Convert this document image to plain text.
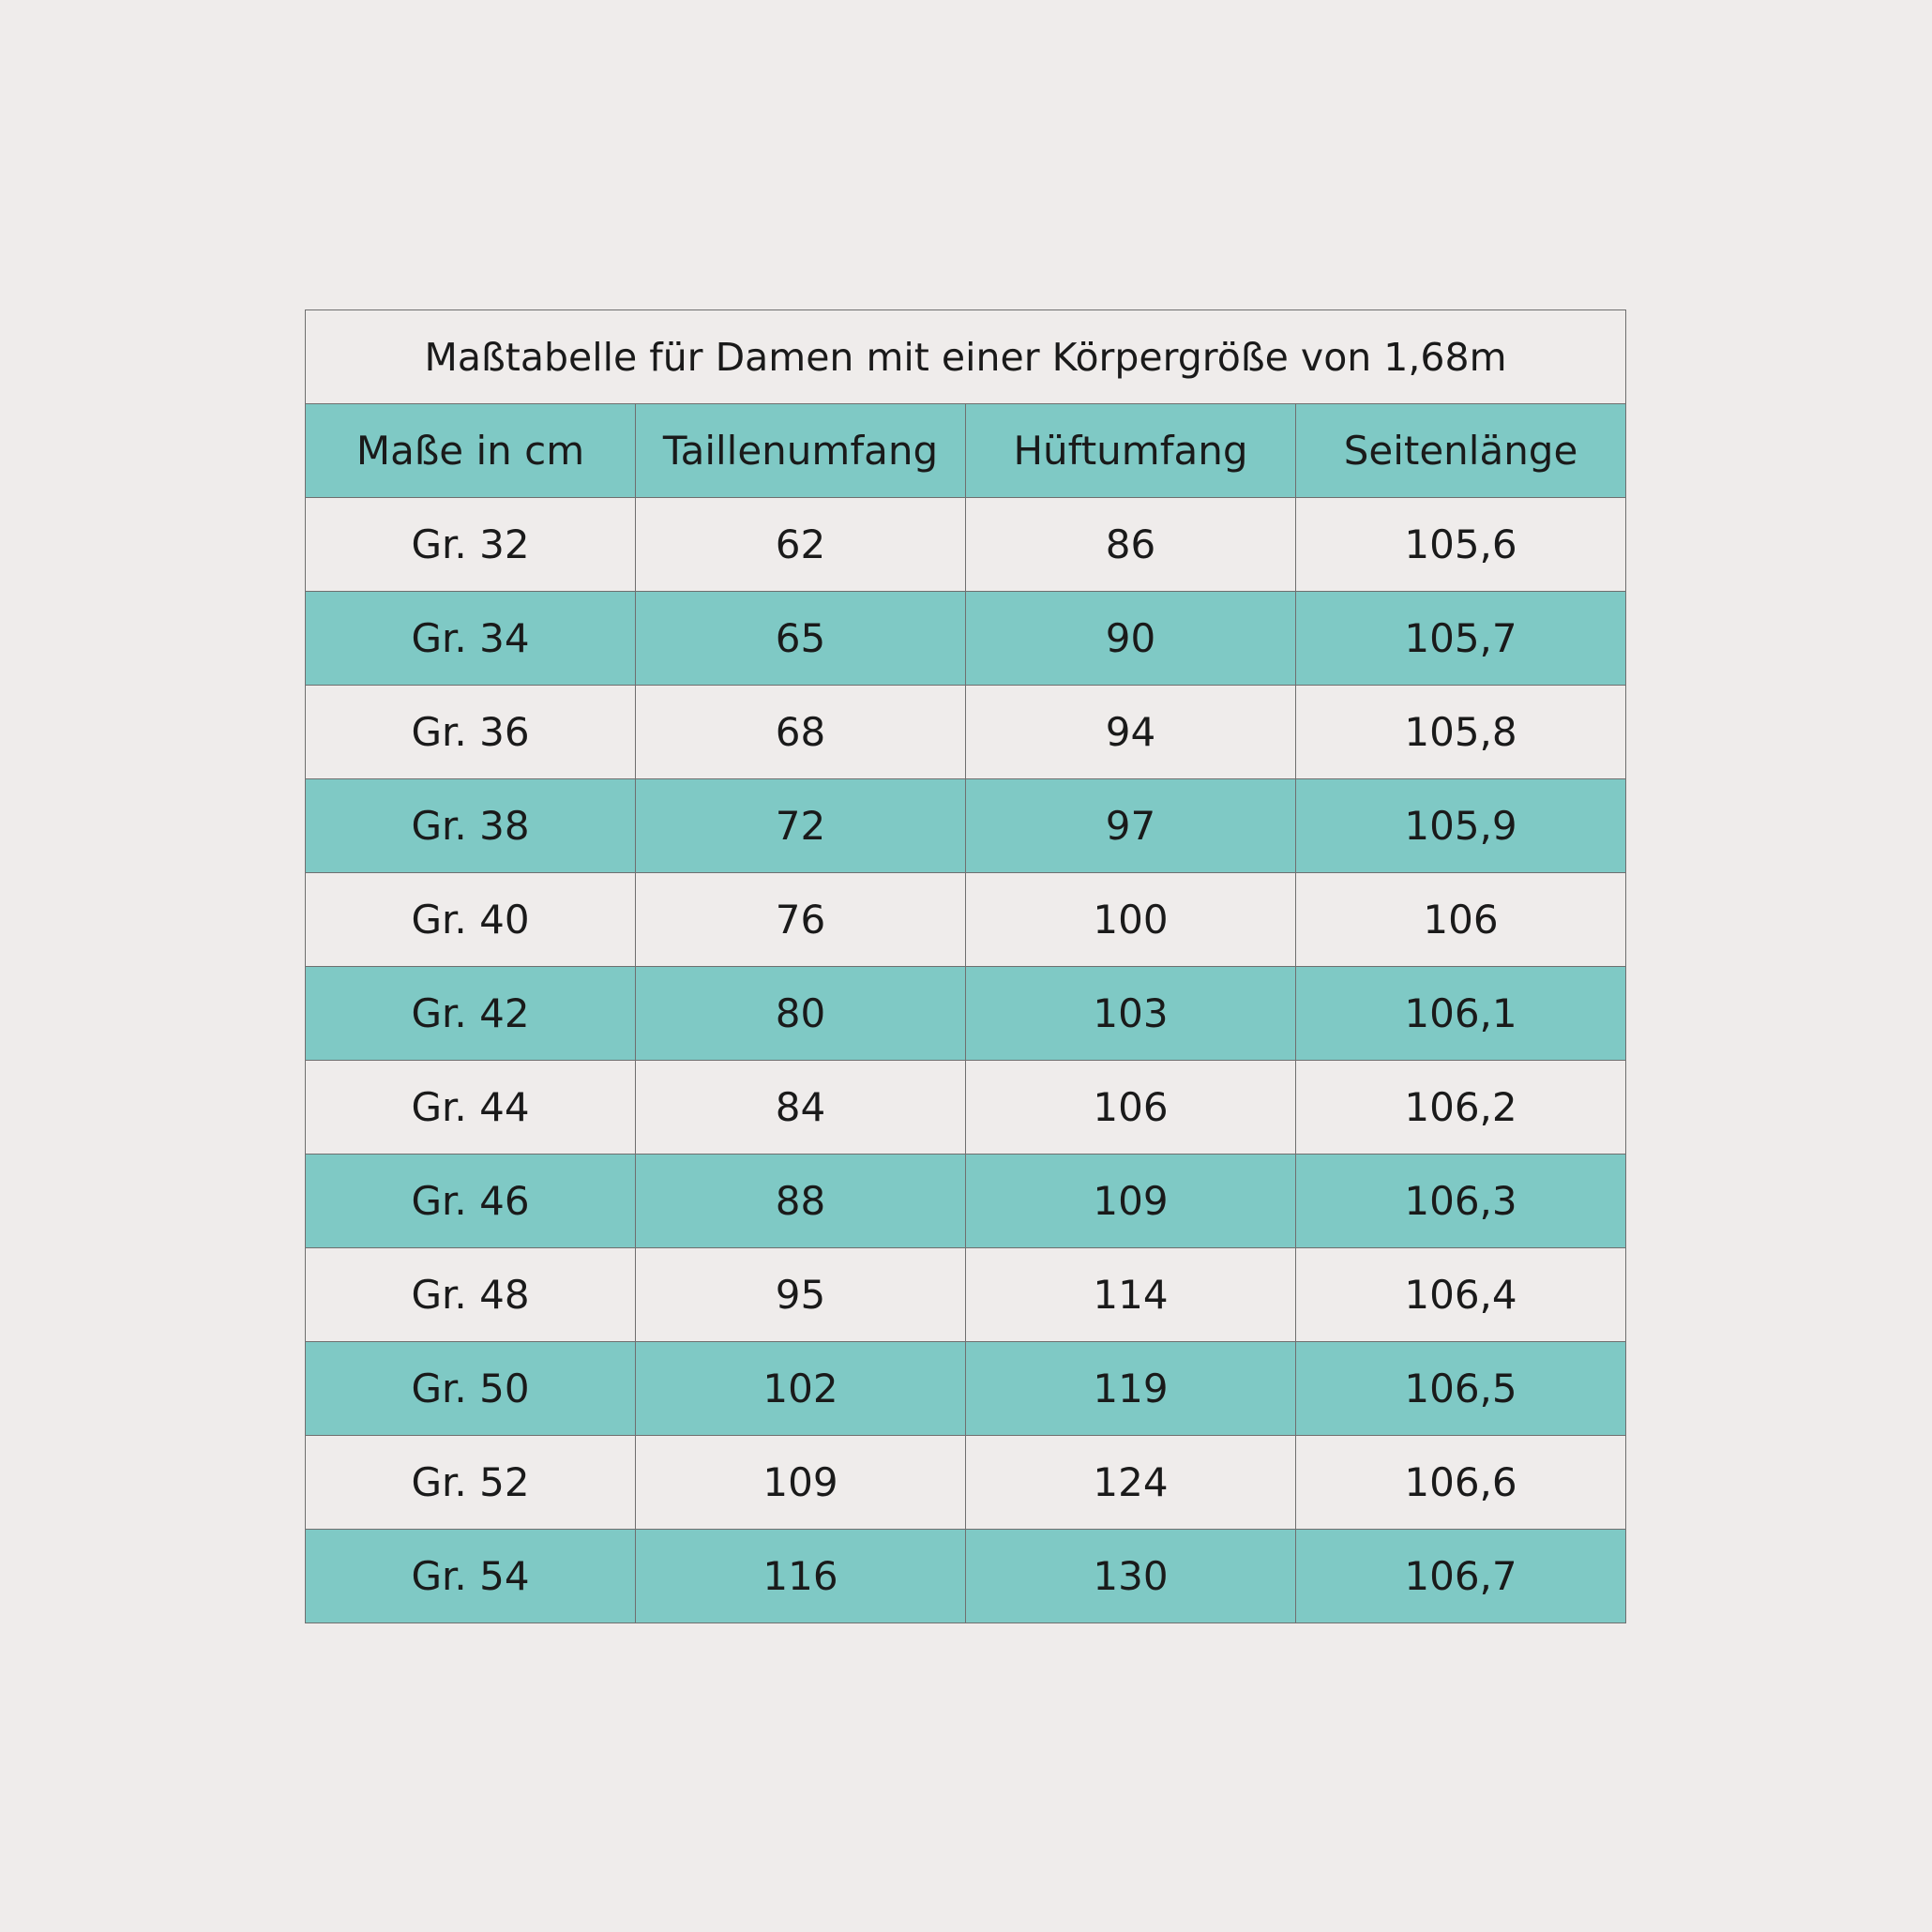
Maßtabelle für Damen mit einer Körpergröße von 1,68m			
Maße in cm	Taillenumfang	Hüftumfang	Seitenlänge
Gr. 32	62	86	105,6
Gr. 34	65	90	105,7
Gr. 36	68	94	105,8
Gr. 38	72	97	105,9
Gr. 40	76	100	106
Gr. 42	80	103	106,1
Gr. 44	84	106	106,2
Gr. 46	88	109	106,3
Gr. 48	95	114	106,4
Gr. 50	102	119	106,5
Gr. 52	109	124	106,6
Gr. 54	116	130	106,7
